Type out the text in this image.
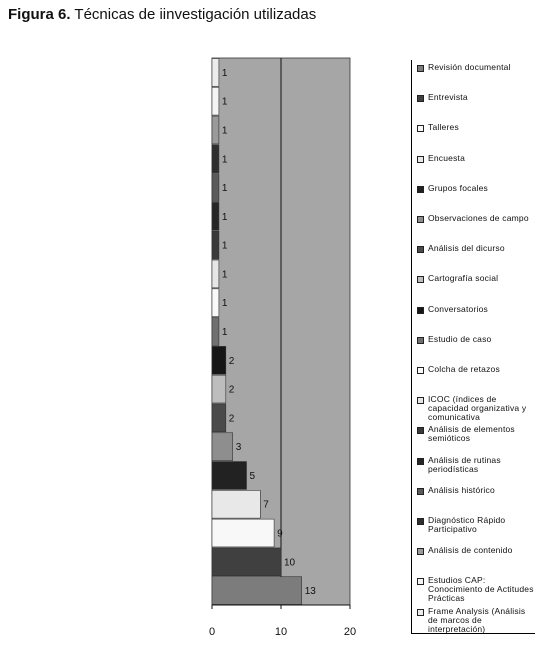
Figura 6. Técnicas de iinvestigación utilizadas
1
1
1
1
1
1
1
1
1
1
2
2
2
3
5
7
9
10
13
0	10	20
Revisión documental
Entrevista
Talleres
Encuesta
Grupos focales
Observaciones de campo
Análisis del dicurso
Cartografía social
Conversatorios
Estudio de caso
Colcha de retazos
ICOC (índices de capacidad organizativa y comunicativa
Análisis de elementos semióticos
Análisis de rutinas periodísticas
Análisis histórico
Diagnóstico Rápido Participativo
Análisis de contenido
Estudios CAP: Conocimiento de Actitudes Prácticas
Frame Analysis (Análisis de marcos de interpretación)
